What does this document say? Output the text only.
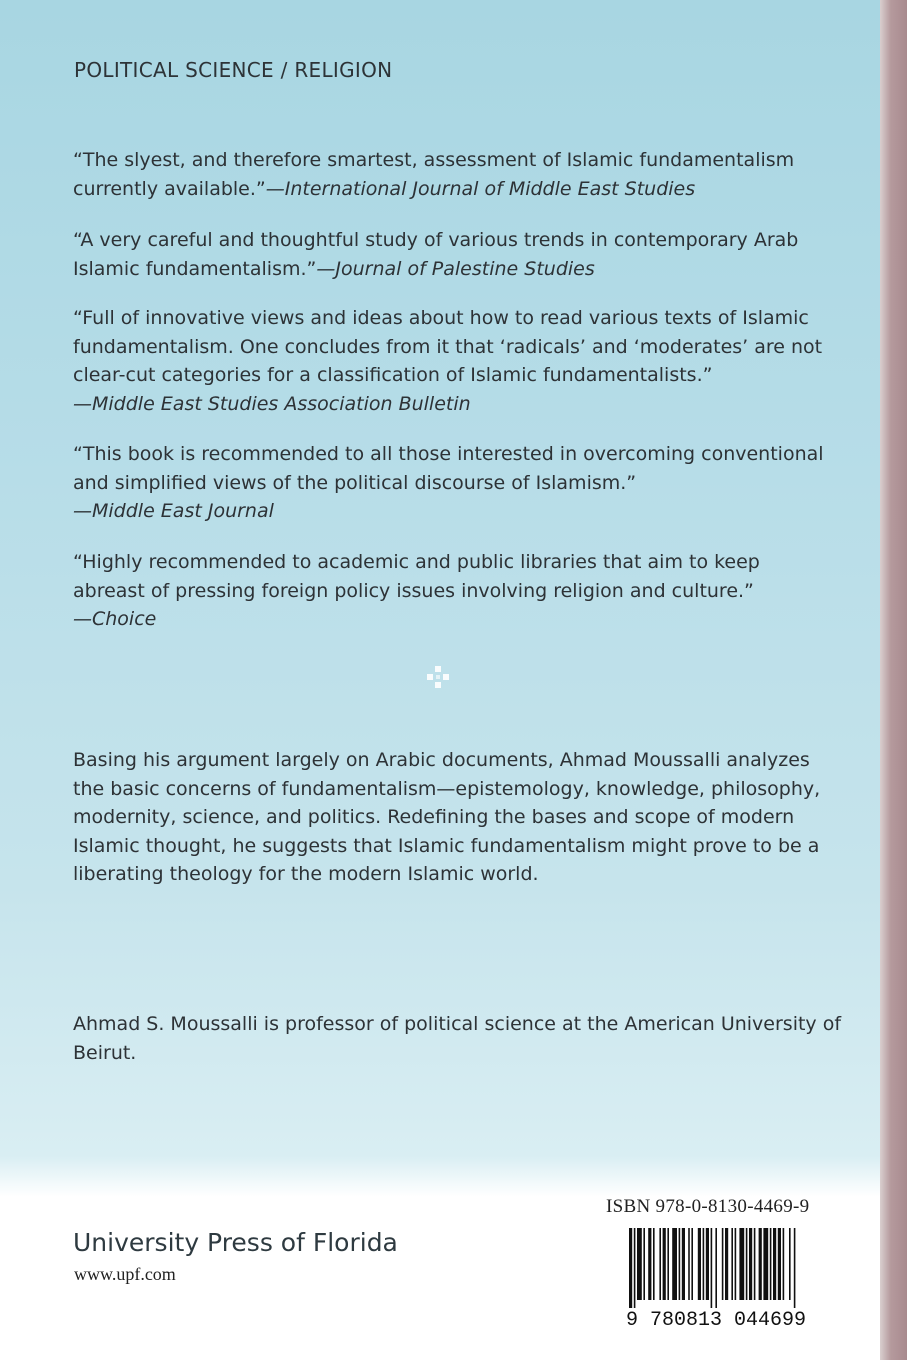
POLITICAL SCIENCE / RELIGION

“The slyest, and therefore smartest, assessment of Islamic fundamentalism currently available.”—International Journal of Middle East Studies

“A very careful and thoughtful study of various trends in contemporary Arab Islamic fundamentalism.”—Journal of Palestine Studies

“Full of innovative views and ideas about how to read various texts of Islamic fundamentalism. One concludes from it that ‘radicals’ and ‘moderates’ are not clear-cut categories for a classification of Islamic fundamentalists.”
—Middle East Studies Association Bulletin

“This book is recommended to all those interested in overcoming conventional and simplified views of the political discourse of Islamism.”
—Middle East Journal

“Highly recommended to academic and public libraries that aim to keep abreast of pressing foreign policy issues involving religion and culture.”
—Choice

Basing his argument largely on Arabic documents, Ahmad Moussalli analyzes the basic concerns of fundamentalism—epistemology, knowledge, philosophy, modernity, science, and politics. Redefining the bases and scope of modern Islamic thought, he suggests that Islamic fundamentalism might prove to be a liberating theology for the modern Islamic world.

Ahmad S. Moussalli is professor of political science at the American University of Beirut.

University Press of Florida
www.upf.com
ISBN 978-0-8130-4469-9
9 780813 044699
